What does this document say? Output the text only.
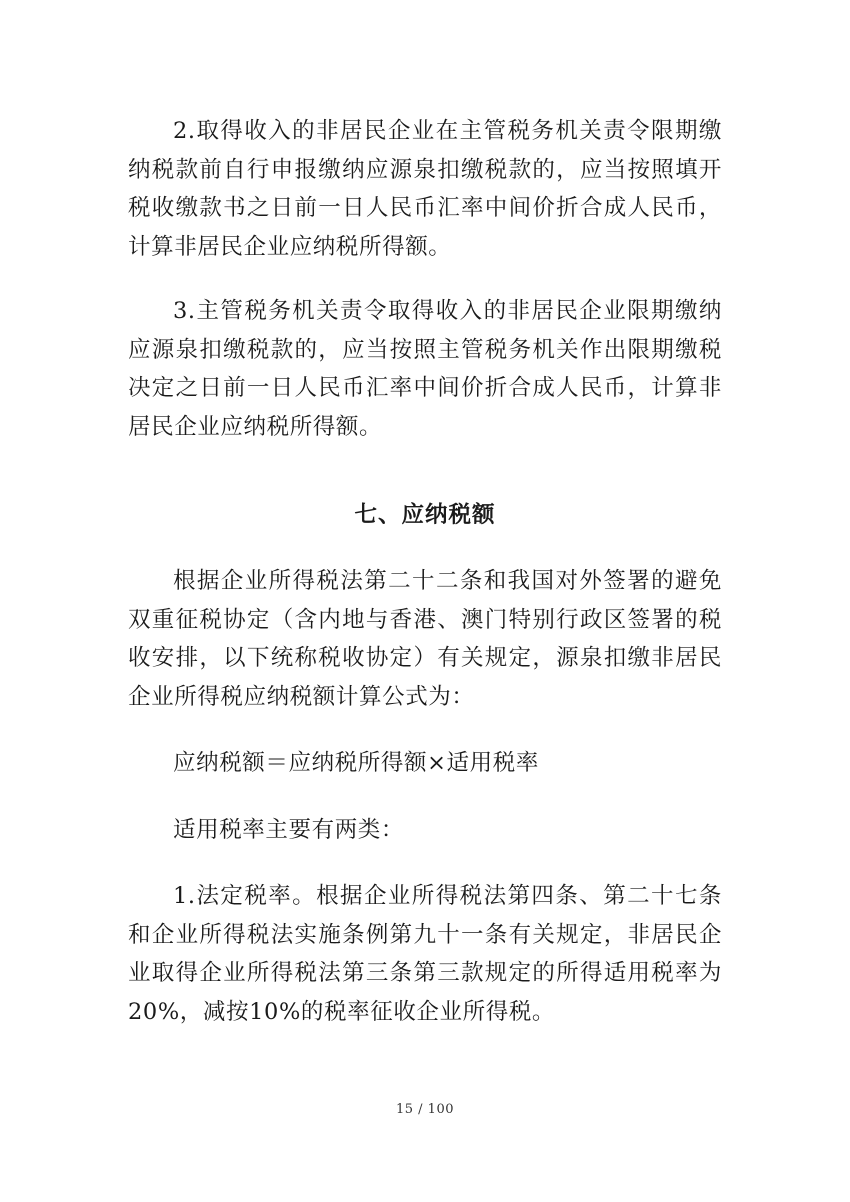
2.取得收入的非居民企业在主管税务机关责令限期缴纳税款前自行申报缴纳应源泉扣缴税款的，应当按照填开税收缴款书之日前一日人民币汇率中间价折合成人民币，计算非居民企业应纳税所得额。

3.主管税务机关责令取得收入的非居民企业限期缴纳应源泉扣缴税款的，应当按照主管税务机关作出限期缴税决定之日前一日人民币汇率中间价折合成人民币，计算非居民企业应纳税所得额。

七、应纳税额

根据企业所得税法第二十二条和我国对外签署的避免双重征税协定（含内地与香港、澳门特别行政区签署的税收安排，以下统称税收协定）有关规定，源泉扣缴非居民企业所得税应纳税额计算公式为：

应纳税额＝应纳税所得额×适用税率

适用税率主要有两类：

1.法定税率。根据企业所得税法第四条、第二十七条和企业所得税法实施条例第九十一条有关规定，非居民企业取得企业所得税法第三条第三款规定的所得适用税率为20%，减按10%的税率征收企业所得税。

15 / 100
